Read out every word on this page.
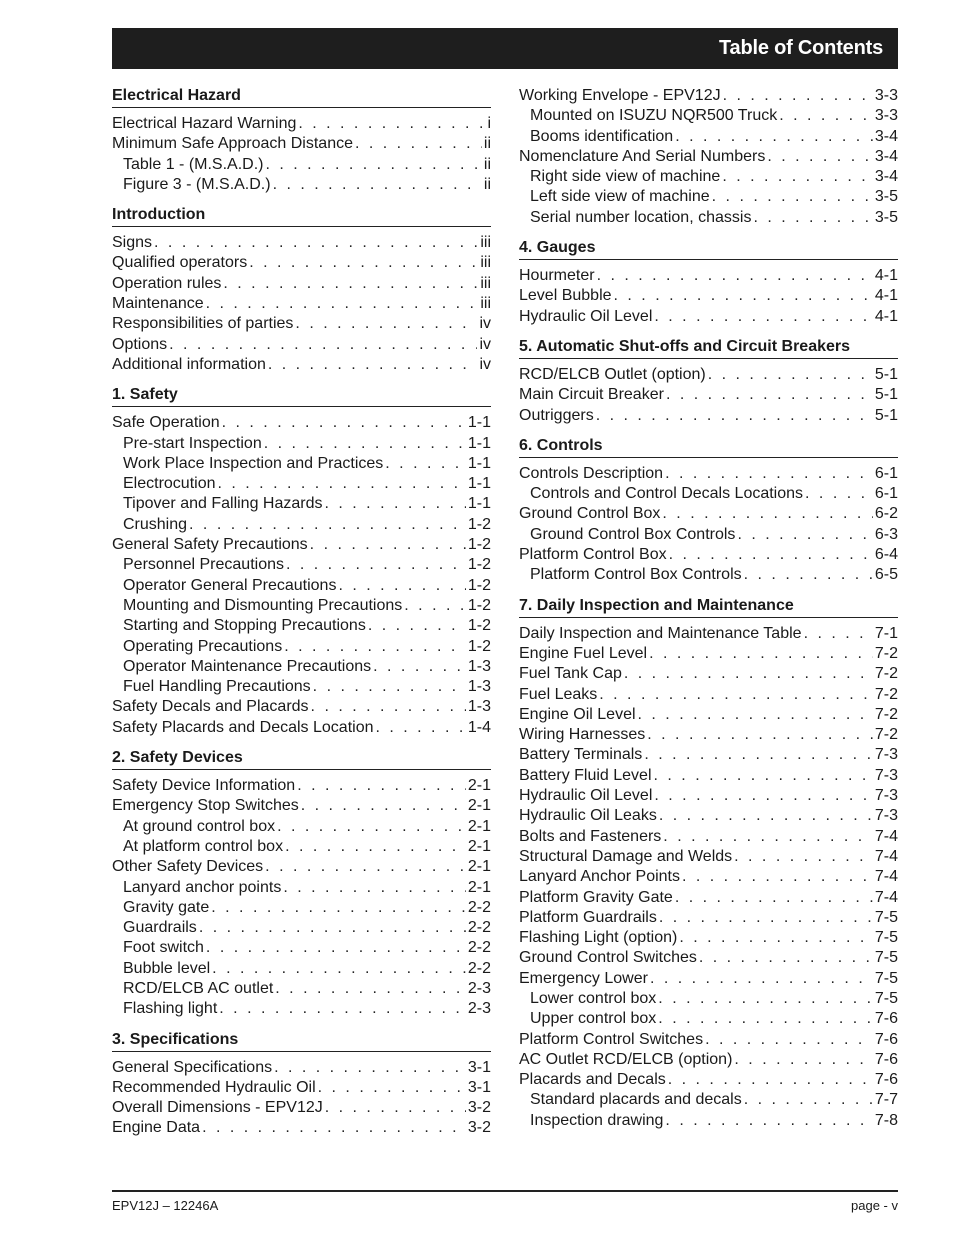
Table of Contents
Electrical Hazard
Electrical Hazard Warning . . .	i
Minimum Safe Approach Distance . . .	ii
Table 1 - (M.S.A.D.) . . .	ii
Figure 3 - (M.S.A.D.) . . .	ii
Introduction
Signs . . .	iii
Qualified operators . . .	iii
Operation rules . . .	iii
Maintenance . . .	iii
Responsibilities of parties . . .	iv
Options . . .	iv
Additional information . . .	iv
1. Safety
Safe Operation . . .	1-1
Pre-start Inspection . . .	1-1
Work Place Inspection and Practices . . .	1-1
Electrocution . . .	1-1
Tipover and Falling Hazards . . .	1-1
Crushing . . .	1-2
General Safety Precautions . . .	1-2
Personnel Precautions . . .	1-2
Operator General Precautions . . .	1-2
Mounting and Dismounting Precautions . . .	1-2
Starting and Stopping Precautions . . .	1-2
Operating Precautions . . .	1-2
Operator Maintenance Precautions . . .	1-3
Fuel Handling Precautions . . .	1-3
Safety Decals and Placards . . .	1-3
Safety Placards and Decals Location . . .	1-4
2. Safety Devices
Safety Device Information . . .	2-1
Emergency Stop Switches . . .	2-1
At ground control box . . .	2-1
At platform control box . . .	2-1
Other Safety Devices . . .	2-1
Lanyard anchor points . . .	2-1
Gravity gate . . .	2-2
Guardrails . . .	2-2
Foot switch . . .	2-2
Bubble level . . .	2-2
RCD/ELCB AC outlet . . .	2-3
Flashing light . . .	2-3
3. Specifications
General Specifications . . .	3-1
Recommended Hydraulic Oil . . .	3-1
Overall Dimensions - EPV12J . . .	3-2
Engine Data . . .	3-2
Working Envelope - EPV12J . . .	3-3
Mounted on ISUZU NQR500 Truck . . .	3-3
Booms identification . . .	3-4
Nomenclature And Serial Numbers . . .	3-4
Right side view of machine . . .	3-4
Left side view of machine . . .	3-5
Serial number location, chassis . . .	3-5
4. Gauges
Hourmeter . . .	4-1
Level Bubble . . .	4-1
Hydraulic Oil Level . . .	4-1
5. Automatic Shut-offs and Circuit Breakers
RCD/ELCB Outlet (option) . . .	5-1
Main Circuit Breaker . . .	5-1
Outriggers . . .	5-1
6. Controls
Controls Description . . .	6-1
Controls and Control Decals Locations . . .	6-1
Ground Control Box . . .	6-2
Ground Control Box Controls . . .	6-3
Platform Control Box . . .	6-4
Platform Control Box Controls . . .	6-5
7. Daily Inspection and Maintenance
Daily Inspection and Maintenance Table . . .	7-1
Engine Fuel Level . . .	7-2
Fuel Tank Cap . . .	7-2
Fuel Leaks . . .	7-2
Engine Oil Level . . .	7-2
Wiring Harnesses . . .	7-2
Battery Terminals . . .	7-3
Battery Fluid Level . . .	7-3
Hydraulic Oil Level . . .	7-3
Hydraulic Oil Leaks . . .	7-3
Bolts and Fasteners . . .	7-4
Structural Damage and Welds . . .	7-4
Lanyard Anchor Points . . .	7-4
Platform Gravity Gate . . .	7-4
Platform Guardrails . . .	7-5
Flashing Light (option) . . .	7-5
Ground Control Switches . . .	7-5
Emergency Lower . . .	7-5
Lower control box . . .	7-5
Upper control box . . .	7-6
Platform Control Switches . . .	7-6
AC Outlet RCD/ELCB (option) . . .	7-6
Placards and Decals . . .	7-6
Standard placards and decals . . .	7-7
Inspection drawing . . .	7-8
EPV12J – 12246A	page - v
